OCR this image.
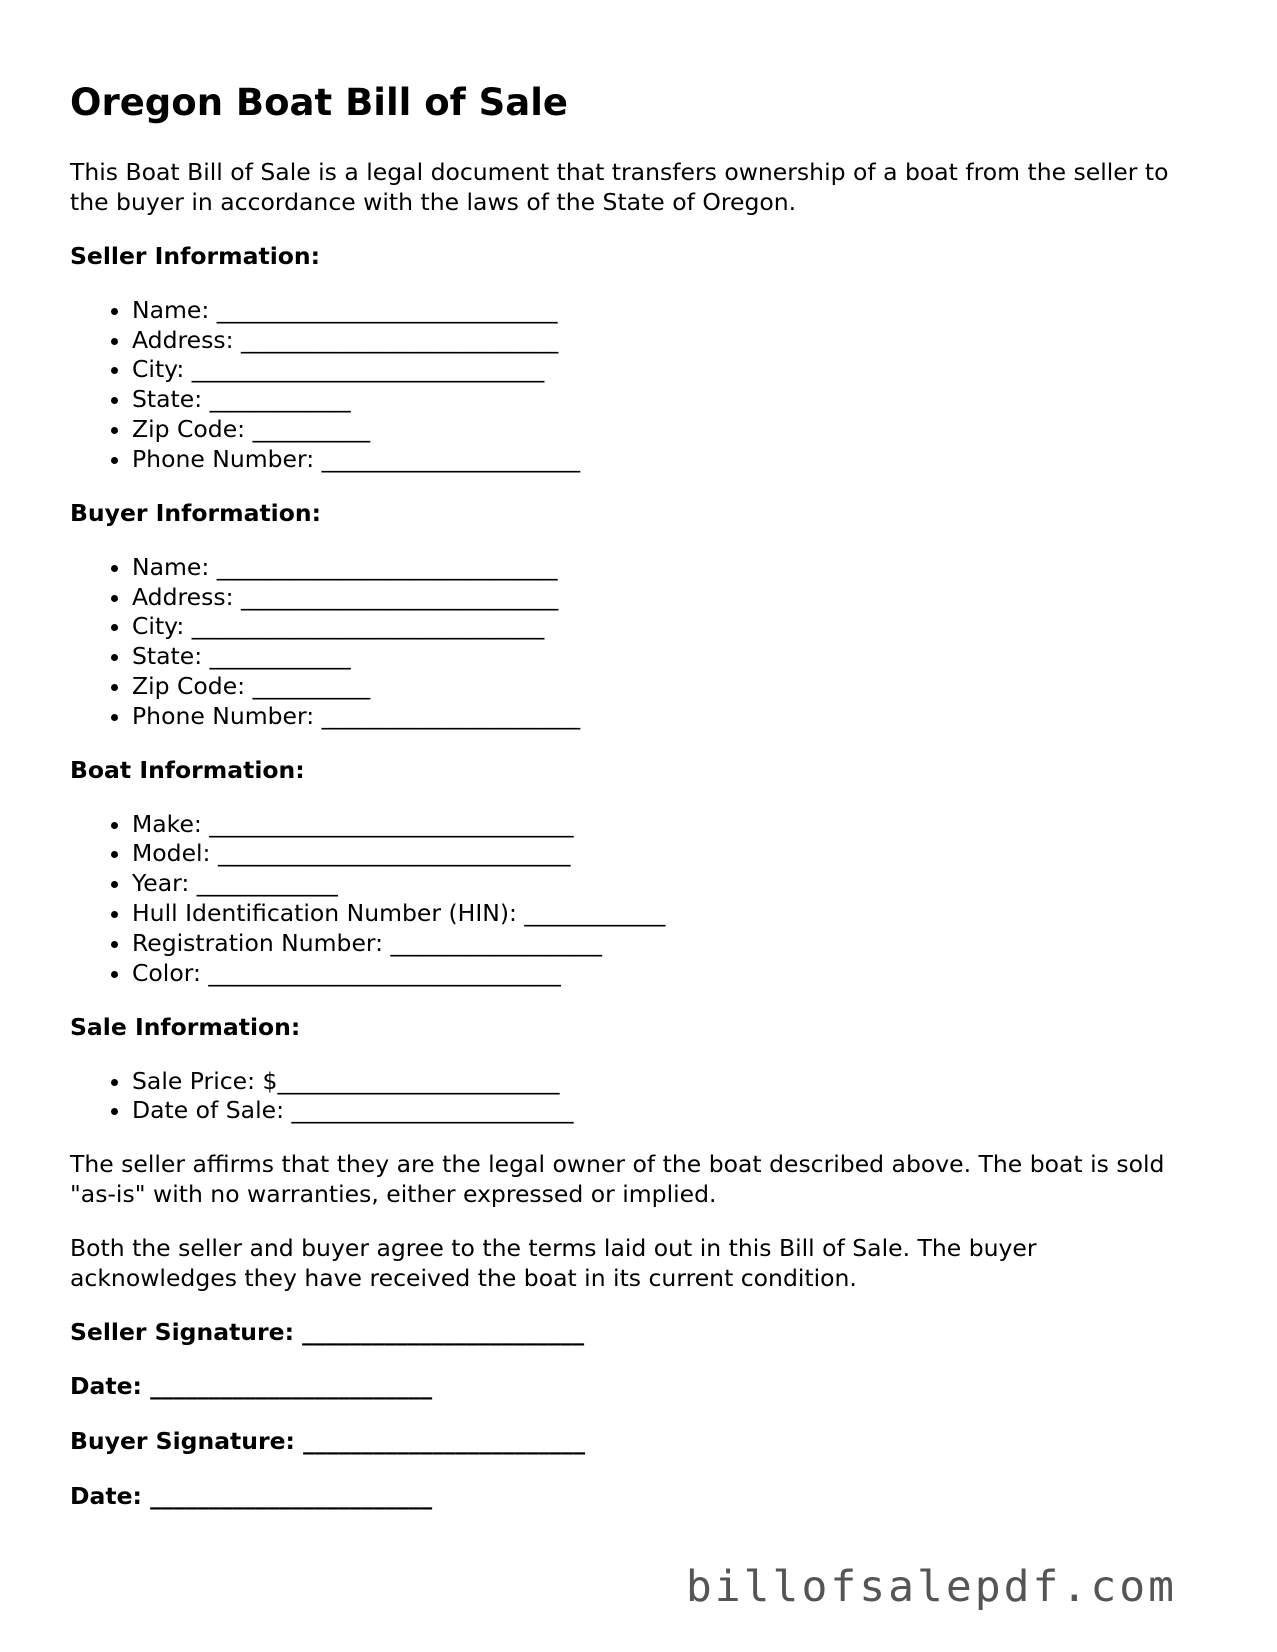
Oregon Boat Bill of Sale

This Boat Bill of Sale is a legal document that transfers ownership of a boat from the seller to the buyer in accordance with the laws of the State of Oregon.

Seller Information:
• Name: _____________________________
• Address: ___________________________
• City: ______________________________
• State: ____________
• Zip Code: __________
• Phone Number: ______________________
Buyer Information:
• Name: _____________________________
• Address: ___________________________
• City: ______________________________
• State: ____________
• Zip Code: __________
• Phone Number: ______________________
Boat Information:
• Make: _______________________________
• Model: ______________________________
• Year: ____________
• Hull Identification Number (HIN): ____________
• Registration Number: __________________
• Color: ______________________________
Sale Information:
• Sale Price: $________________________
• Date of Sale: ________________________

The seller affirms that they are the legal owner of the boat described above. The boat is sold "as-is" with no warranties, either expressed or implied.

Both the seller and buyer agree to the terms laid out in this Bill of Sale. The buyer acknowledges they have received the boat in its current condition.

Seller Signature: ________________________
Date: ________________________
Buyer Signature: ________________________
Date: ________________________
billofsalepdf.com
